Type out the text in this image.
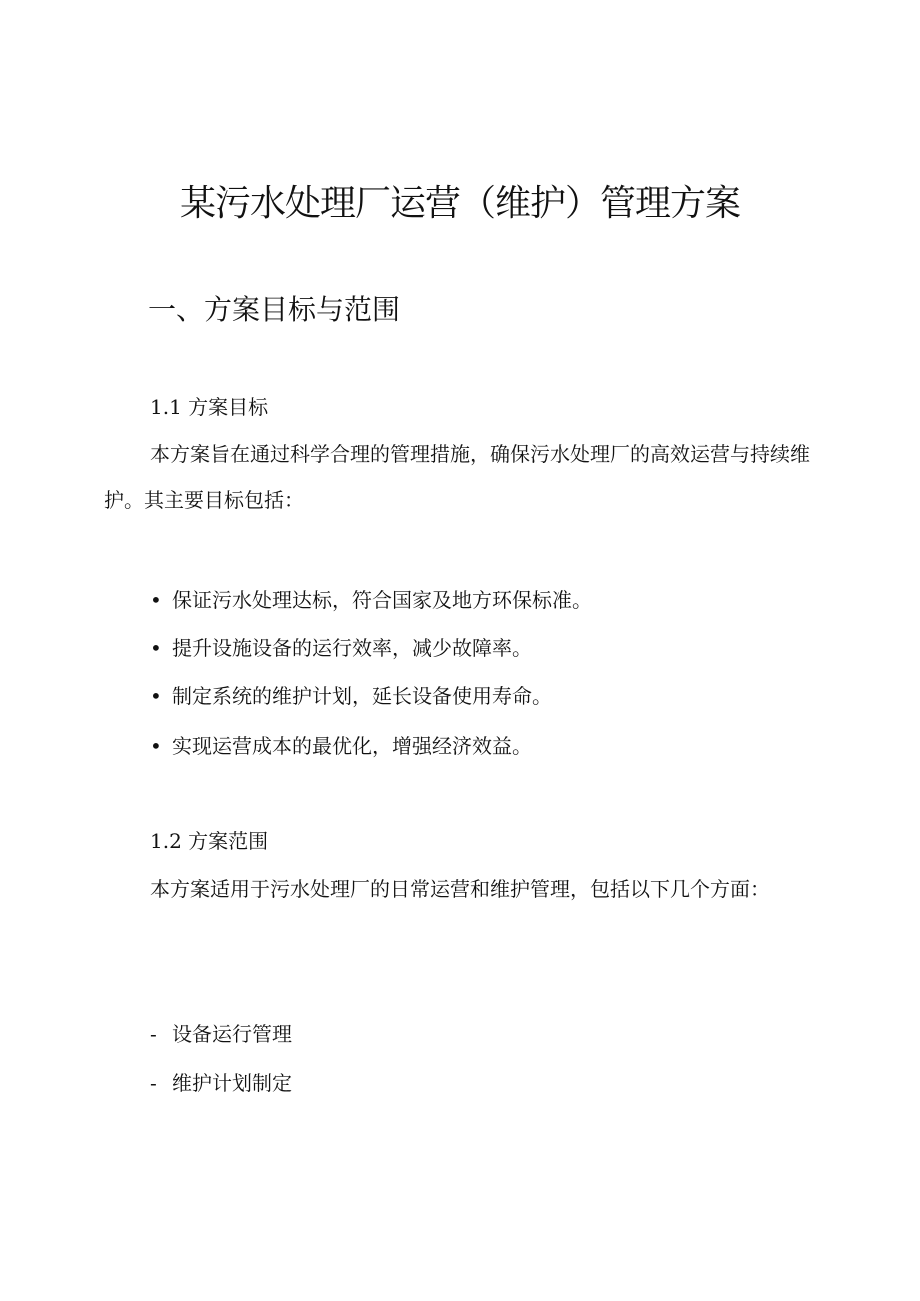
某污水处理厂运营（维护）管理方案
一、方案目标与范围

1.1 方案目标

本方案旨在通过科学合理的管理措施，确保污水处理厂的高效运营与持续维护。其主要目标包括：

• 保证污水处理达标，符合国家及地方环保标准。

• 提升设施设备的运行效率，减少故障率。

• 制定系统的维护计划，延长设备使用寿命。

• 实现运营成本的最优化，增强经济效益。

1.2 方案范围

本方案适用于污水处理厂的日常运营和维护管理，包括以下几个方面：

- 设备运行管理

- 维护计划制定
